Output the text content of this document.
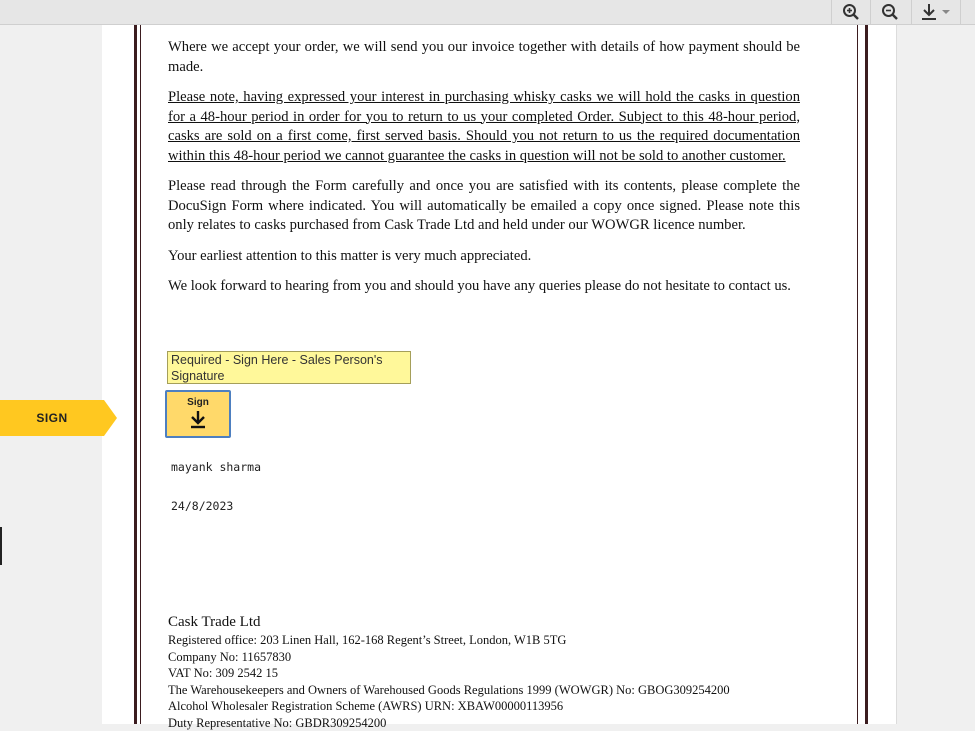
Where we accept your order, we will send you our invoice together with details of how payment should be made.

Please note, having expressed your interest in purchasing whisky casks we will hold the casks in question for a 48-hour period in order for you to return to us your completed Order. Subject to this 48-hour period, casks are sold on a first come, first served basis. Should you not return to us the required documentation within this 48-hour period we cannot guarantee the casks in question will not be sold to another customer.

Please read through the Form carefully and once you are satisfied with its contents, please complete the DocuSign Form where indicated. You will automatically be emailed a copy once signed. Please note this only relates to casks purchased from Cask Trade Ltd and held under our WOWGR licence number.

Your earliest attention to this matter is very much appreciated.

We look forward to hearing from you and should you have any queries please do not hesitate to contact us.

SIGN
Required - Sign Here - Sales Person's Signature
Sign
mayank sharma
24/8/2023
Cask Trade Ltd
Registered office: 203 Linen Hall, 162-168 Regent’s Street, London, W1B 5TG
Company No: 11657830
VAT No: 309 2542 15
The Warehousekeepers and Owners of Warehoused Goods Regulations 1999 (WOWGR) No: GBOG309254200
Alcohol Wholesaler Registration Scheme (AWRS) URN: XBAW00000113956
Duty Representative No: GBDR309254200
